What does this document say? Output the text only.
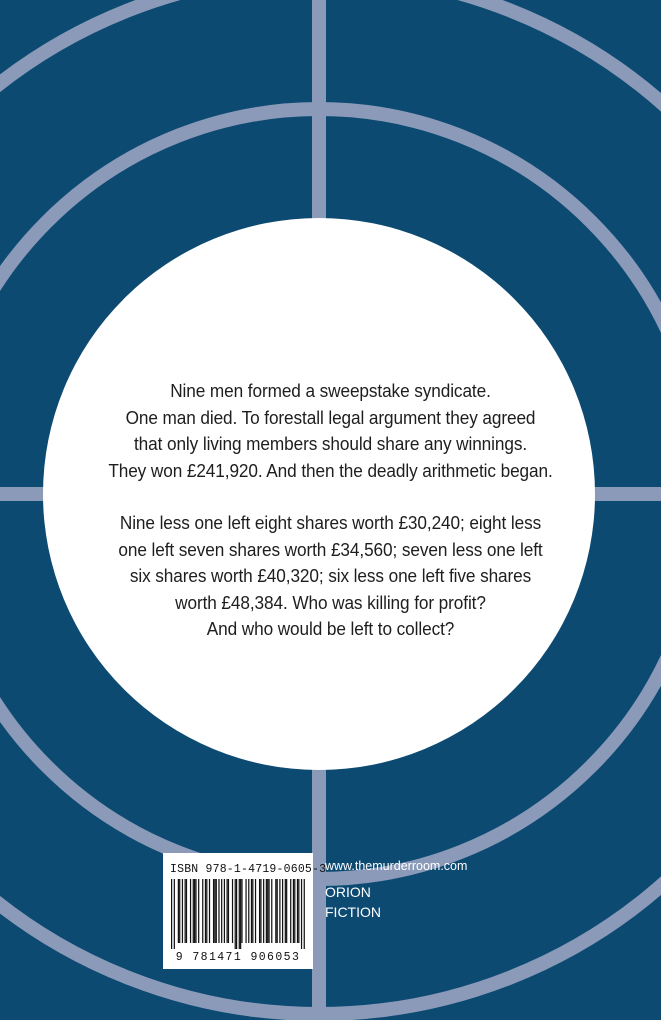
Nine men formed a sweepstake syndicate.
One man died. To forestall legal argument they agreed
that only living members should share any winnings.
They won £241,920. And then the deadly arithmetic began.
Nine less one left eight shares worth £30,240; eight less
one left seven shares worth £34,560; seven less one left
six shares worth £40,320; six less one left five shares
worth £48,384. Who was killing for profit?
And who would be left to collect?
ISBN 978-1-4719-0605-3
9 781471 906053
www.themurderroom.com
ORION
FICTION
